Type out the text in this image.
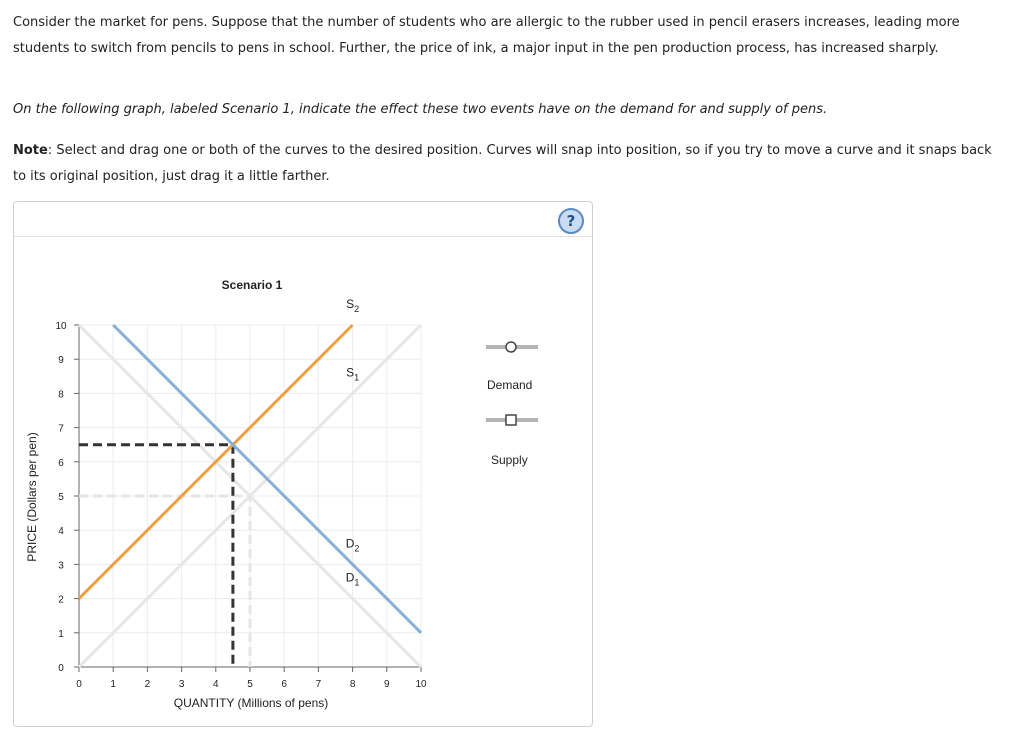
Consider the market for pens. Suppose that the number of students who are allergic to the rubber used in pencil erasers increases, leading more students to switch from pencils to pens in school. Further, the price of ink, a major input in the pen production process, has increased sharply.

On the following graph, labeled Scenario 1, indicate the effect these two events have on the demand for and supply of pens.

Note: Select and drag one or both of the curves to the desired position. Curves will snap into position, so if you try to move a curve and it snaps back to its original position, just drag it a little farther.

?
Scenario 1
QUANTITY (Millions of pens)
PRICE (Dollars per pen)
0	1	2	3	4	5	6	7	8	9	10
0
1
2
3
4
5
6
7
8
9
10
$S_2$
$S_1$
$D_2$
$D_1$
Demand
Supply
